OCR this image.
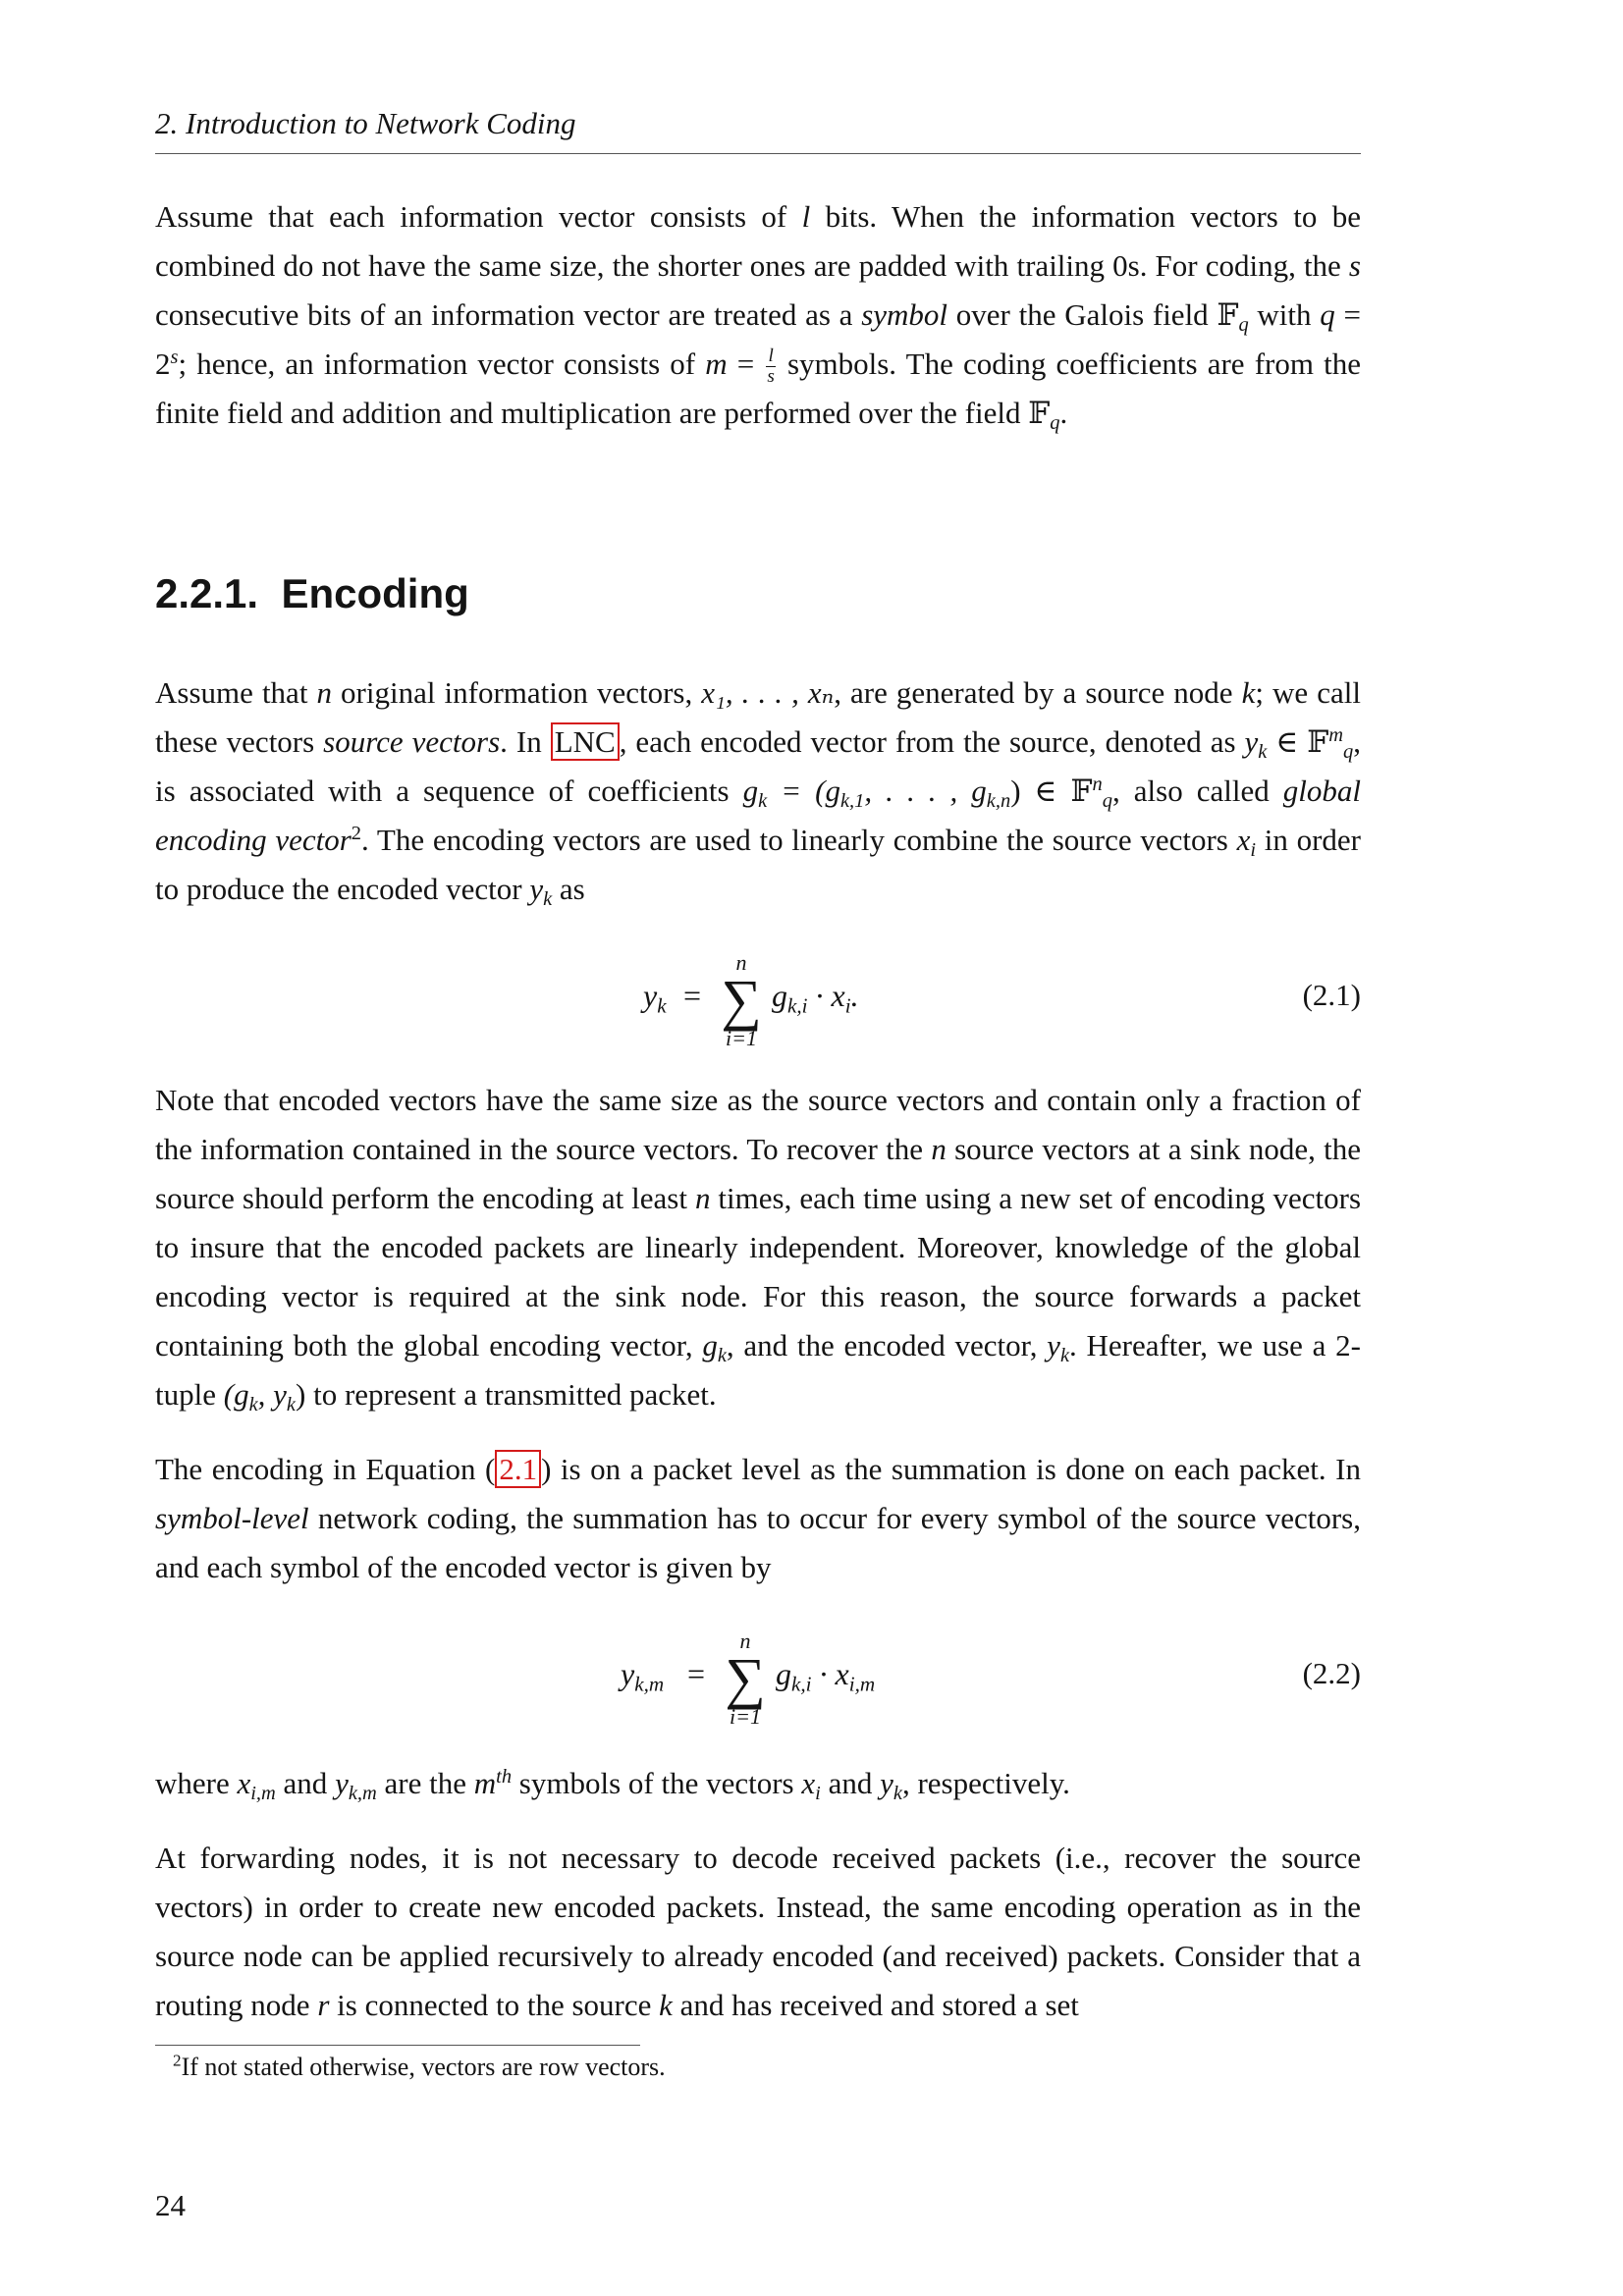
2. Introduction to Network Coding

Assume that each information vector consists of l bits. When the information vectors to be combined do not have the same size, the shorter ones are padded with trailing 0s. For coding, the s consecutive bits of an information vector are treated as a symbol over the Galois field 𝔽$_q$ with $q = 2^s$; hence, an information vector consists of $m = \frac{l}{s}$ symbols. The coding coefficients are from the finite field and addition and multiplication are performed over the field 𝔽$_q$.

2.2.1. Encoding

Assume that n original information vectors, x₁, . . . , xₙ, are generated by a source node k; we call these vectors source vectors. In LNC , each encoded vector from the source, denoted as $y_k$ ∈ 𝔽$^m_q$, is associated with a sequence of coefficients $g_k = (g_{k,1}$, . . . , $g_{k,n}$) ∈ 𝔽$^n_q$, also called global encoding vector$^2$. The encoding vectors are used to linearly combine the source vectors $x_i$ in order to produce the encoded vector $y_k$ as

$y_k$ =
n
∑
i=1
$g_{k,i} \cdot x_i$.	(2.1)

Note that encoded vectors have the same size as the source vectors and contain only a fraction of the information contained in the source vectors. To recover the n source vectors at a sink node, the source should perform the encoding at least n times, each time using a new set of encoding vectors to insure that the encoded packets are linearly independent. Moreover, knowledge of the global encoding vector is required at the sink node. For this reason, the source forwards a packet containing both the global encoding vector, $g_k$, and the encoded vector, $y_k$. Hereafter, we use a 2-tuple ($g_k$, $y_k$) to represent a transmitted packet.

The encoding in Equation ( 2.1 ) is on a packet level as the summation is done on each packet. In symbol-level network coding, the summation has to occur for every symbol of the source vectors, and each symbol of the encoded vector is given by

$y_{k,m}$ =
n
∑
i=1
$g_{k,i} \cdot x_{i,m}$	(2.2)

where $x_{i,m}$ and $y_{k,m}$ are the $m^{th}$ symbols of the vectors $x_i$ and $y_k$, respectively.

At forwarding nodes, it is not necessary to decode received packets (i.e., recover the source vectors) in order to create new encoded packets. Instead, the same encoding operation as in the source node can be applied recursively to already encoded (and received) packets. Consider that a routing node r is connected to the source k and has received and stored a set

$^2$If not stated otherwise, vectors are row vectors.
24
